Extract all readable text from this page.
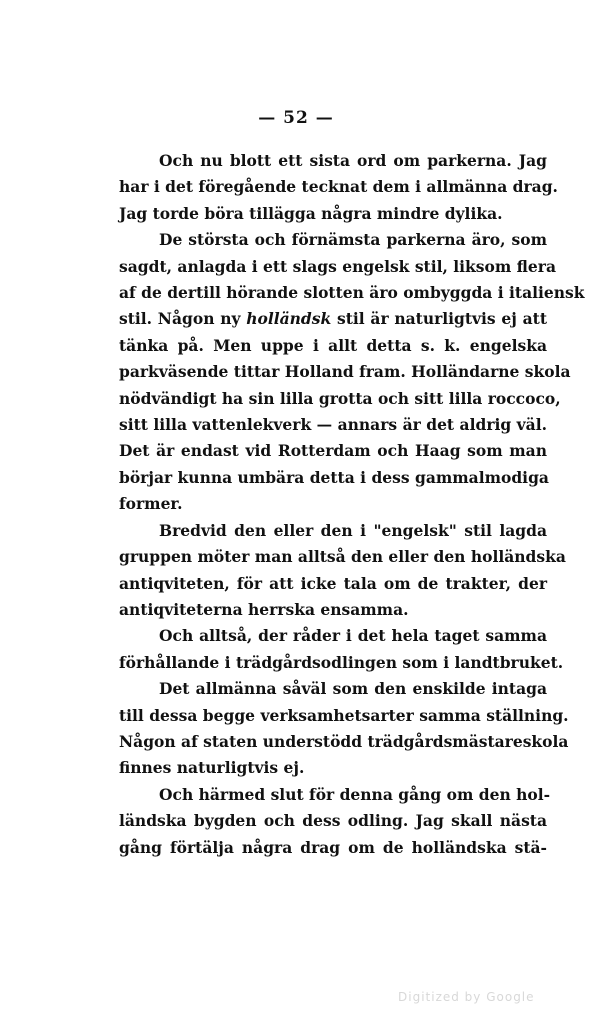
— 52 —
Och nu blott ett sista ord om parkerna. Jag
har i det föregående tecknat dem i allmänna drag.
Jag torde böra tillägga några mindre dylika.
De största och förnämsta parkerna äro, som
sagdt, anlagda i ett slags engelsk stil, liksom flera
af de dertill hörande slotten äro ombyggda i italiensk
stil. Någon ny holländsk stil är naturligtvis ej att
tänka på. Men uppe i allt detta s. k. engelska
parkväsende tittar Holland fram. Holländarne skola
nödvändigt ha sin lilla grotta och sitt lilla roccoco,
sitt lilla vattenlekverk — annars är det aldrig väl.
Det är endast vid Rotterdam och Haag som man
börjar kunna umbära detta i dess gammalmodiga
former.
Bredvid den eller den i "engelsk" stil lagda
gruppen möter man alltså den eller den holländska
antiqviteten, för att icke tala om de trakter, der
antiqviteterna herrska ensamma.
Och alltså, der råder i det hela taget samma
förhållande i trädgårdsodlingen som i landtbruket.
Det allmänna såväl som den enskilde intaga
till dessa begge verksamhetsarter samma ställning.
Någon af staten understödd trädgårdsmästareskola
finnes naturligtvis ej.
Och härmed slut för denna gång om den hol-
ländska bygden och dess odling. Jag skall nästa
gång förtälja några drag om de holländska stä-
Digitized by Google
